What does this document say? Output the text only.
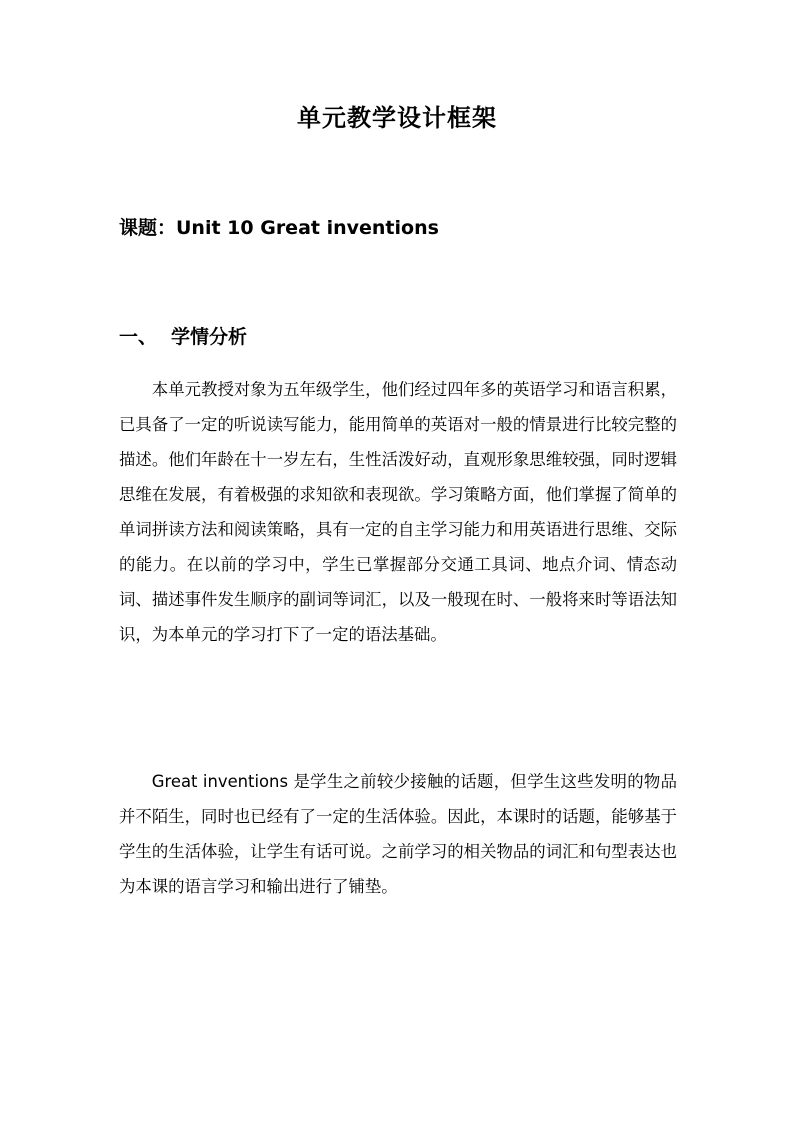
单元教学设计框架
课题：Unit 10 Great inventions
一、 学情分析

本单元教授对象为五年级学生，他们经过四年多的英语学习和语言积累，已具备了一定的听说读写能力，能用简单的英语对一般的情景进行比较完整的描述。他们年龄在十一岁左右，生性活泼好动，直观形象思维较强，同时逻辑思维在发展，有着极强的求知欲和表现欲。学习策略方面，他们掌握了简单的单词拼读方法和阅读策略，具有一定的自主学习能力和用英语进行思维、交际的能力。在以前的学习中，学生已掌握部分交通工具词、地点介词、情态动词、描述事件发生顺序的副词等词汇，以及一般现在时、一般将来时等语法知识，为本单元的学习打下了一定的语法基础。

Great inventions 是学生之前较少接触的话题，但学生这些发明的物品并不陌生，同时也已经有了一定的生活体验。因此，本课时的话题，能够基于学生的生活体验，让学生有话可说。之前学习的相关物品的词汇和句型表达也为本课的语言学习和输出进行了铺垫。
